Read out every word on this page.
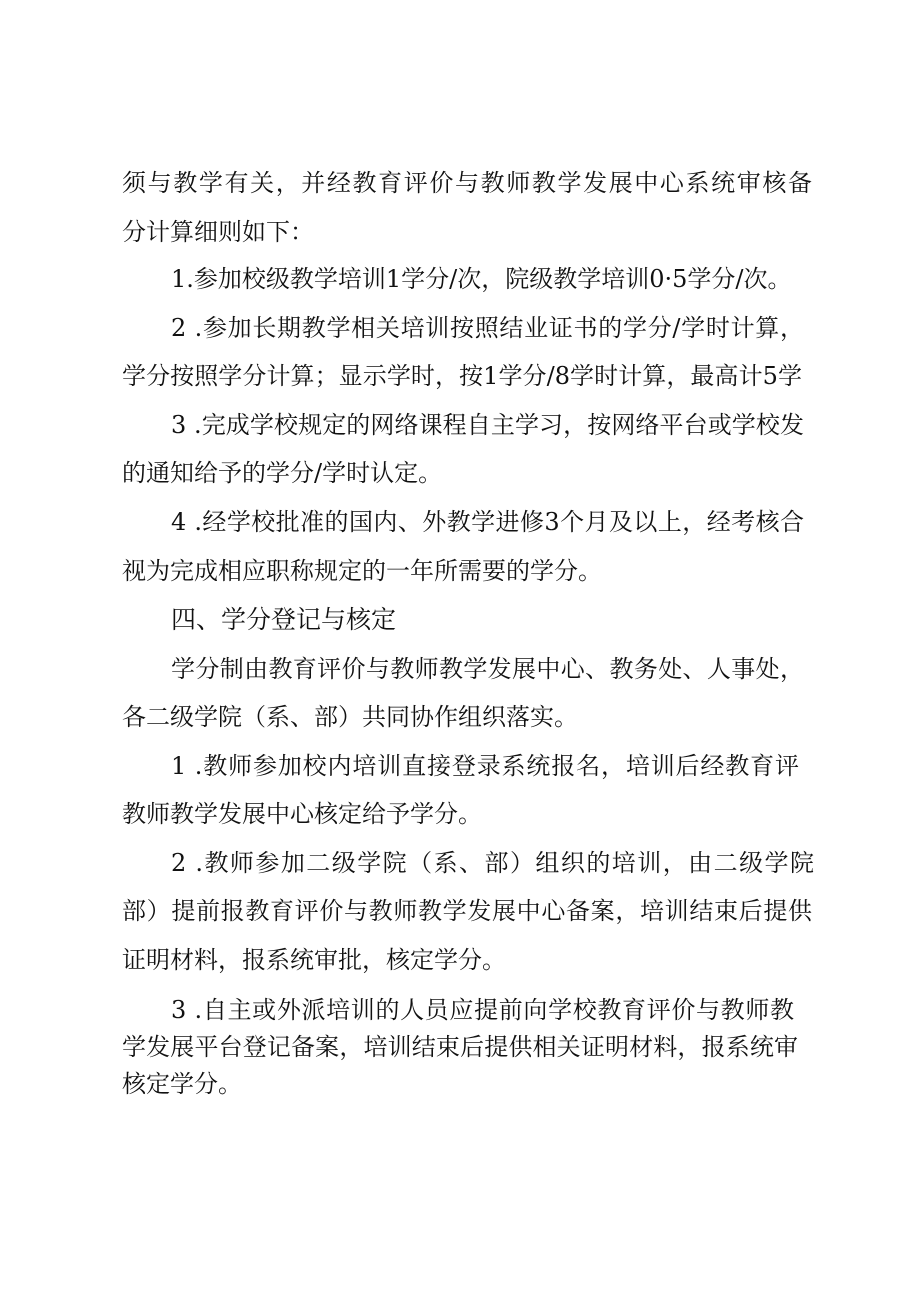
须与教学有关，并经教育评价与教师教学发展中心系统审核备
分计算细则如下：
1.参加校级教学培训1学分/次，院级教学培训0·5学分/次。
2 .参加长期教学相关培训按照结业证书的学分/学时计算，
学分按照学分计算；显示学时，按1学分/8学时计算，最高计5学
3 .完成学校规定的网络课程自主学习，按网络平台或学校发
的通知给予的学分/学时认定。
4 .经学校批准的国内、外教学进修3个月及以上，经考核合
视为完成相应职称规定的一年所需要的学分。
四、学分登记与核定
学分制由教育评价与教师教学发展中心、教务处、人事处，
各二级学院（系、部）共同协作组织落实。
1 .教师参加校内培训直接登录系统报名，培训后经教育评
教师教学发展中心核定给予学分。
2 .教师参加二级学院（系、部）组织的培训，由二级学院
部）提前报教育评价与教师教学发展中心备案，培训结束后提供
证明材料，报系统审批，核定学分。
3 .自主或外派培训的人员应提前向学校教育评价与教师教
学发展平台登记备案，培训结束后提供相关证明材料，报系统审
核定学分。
